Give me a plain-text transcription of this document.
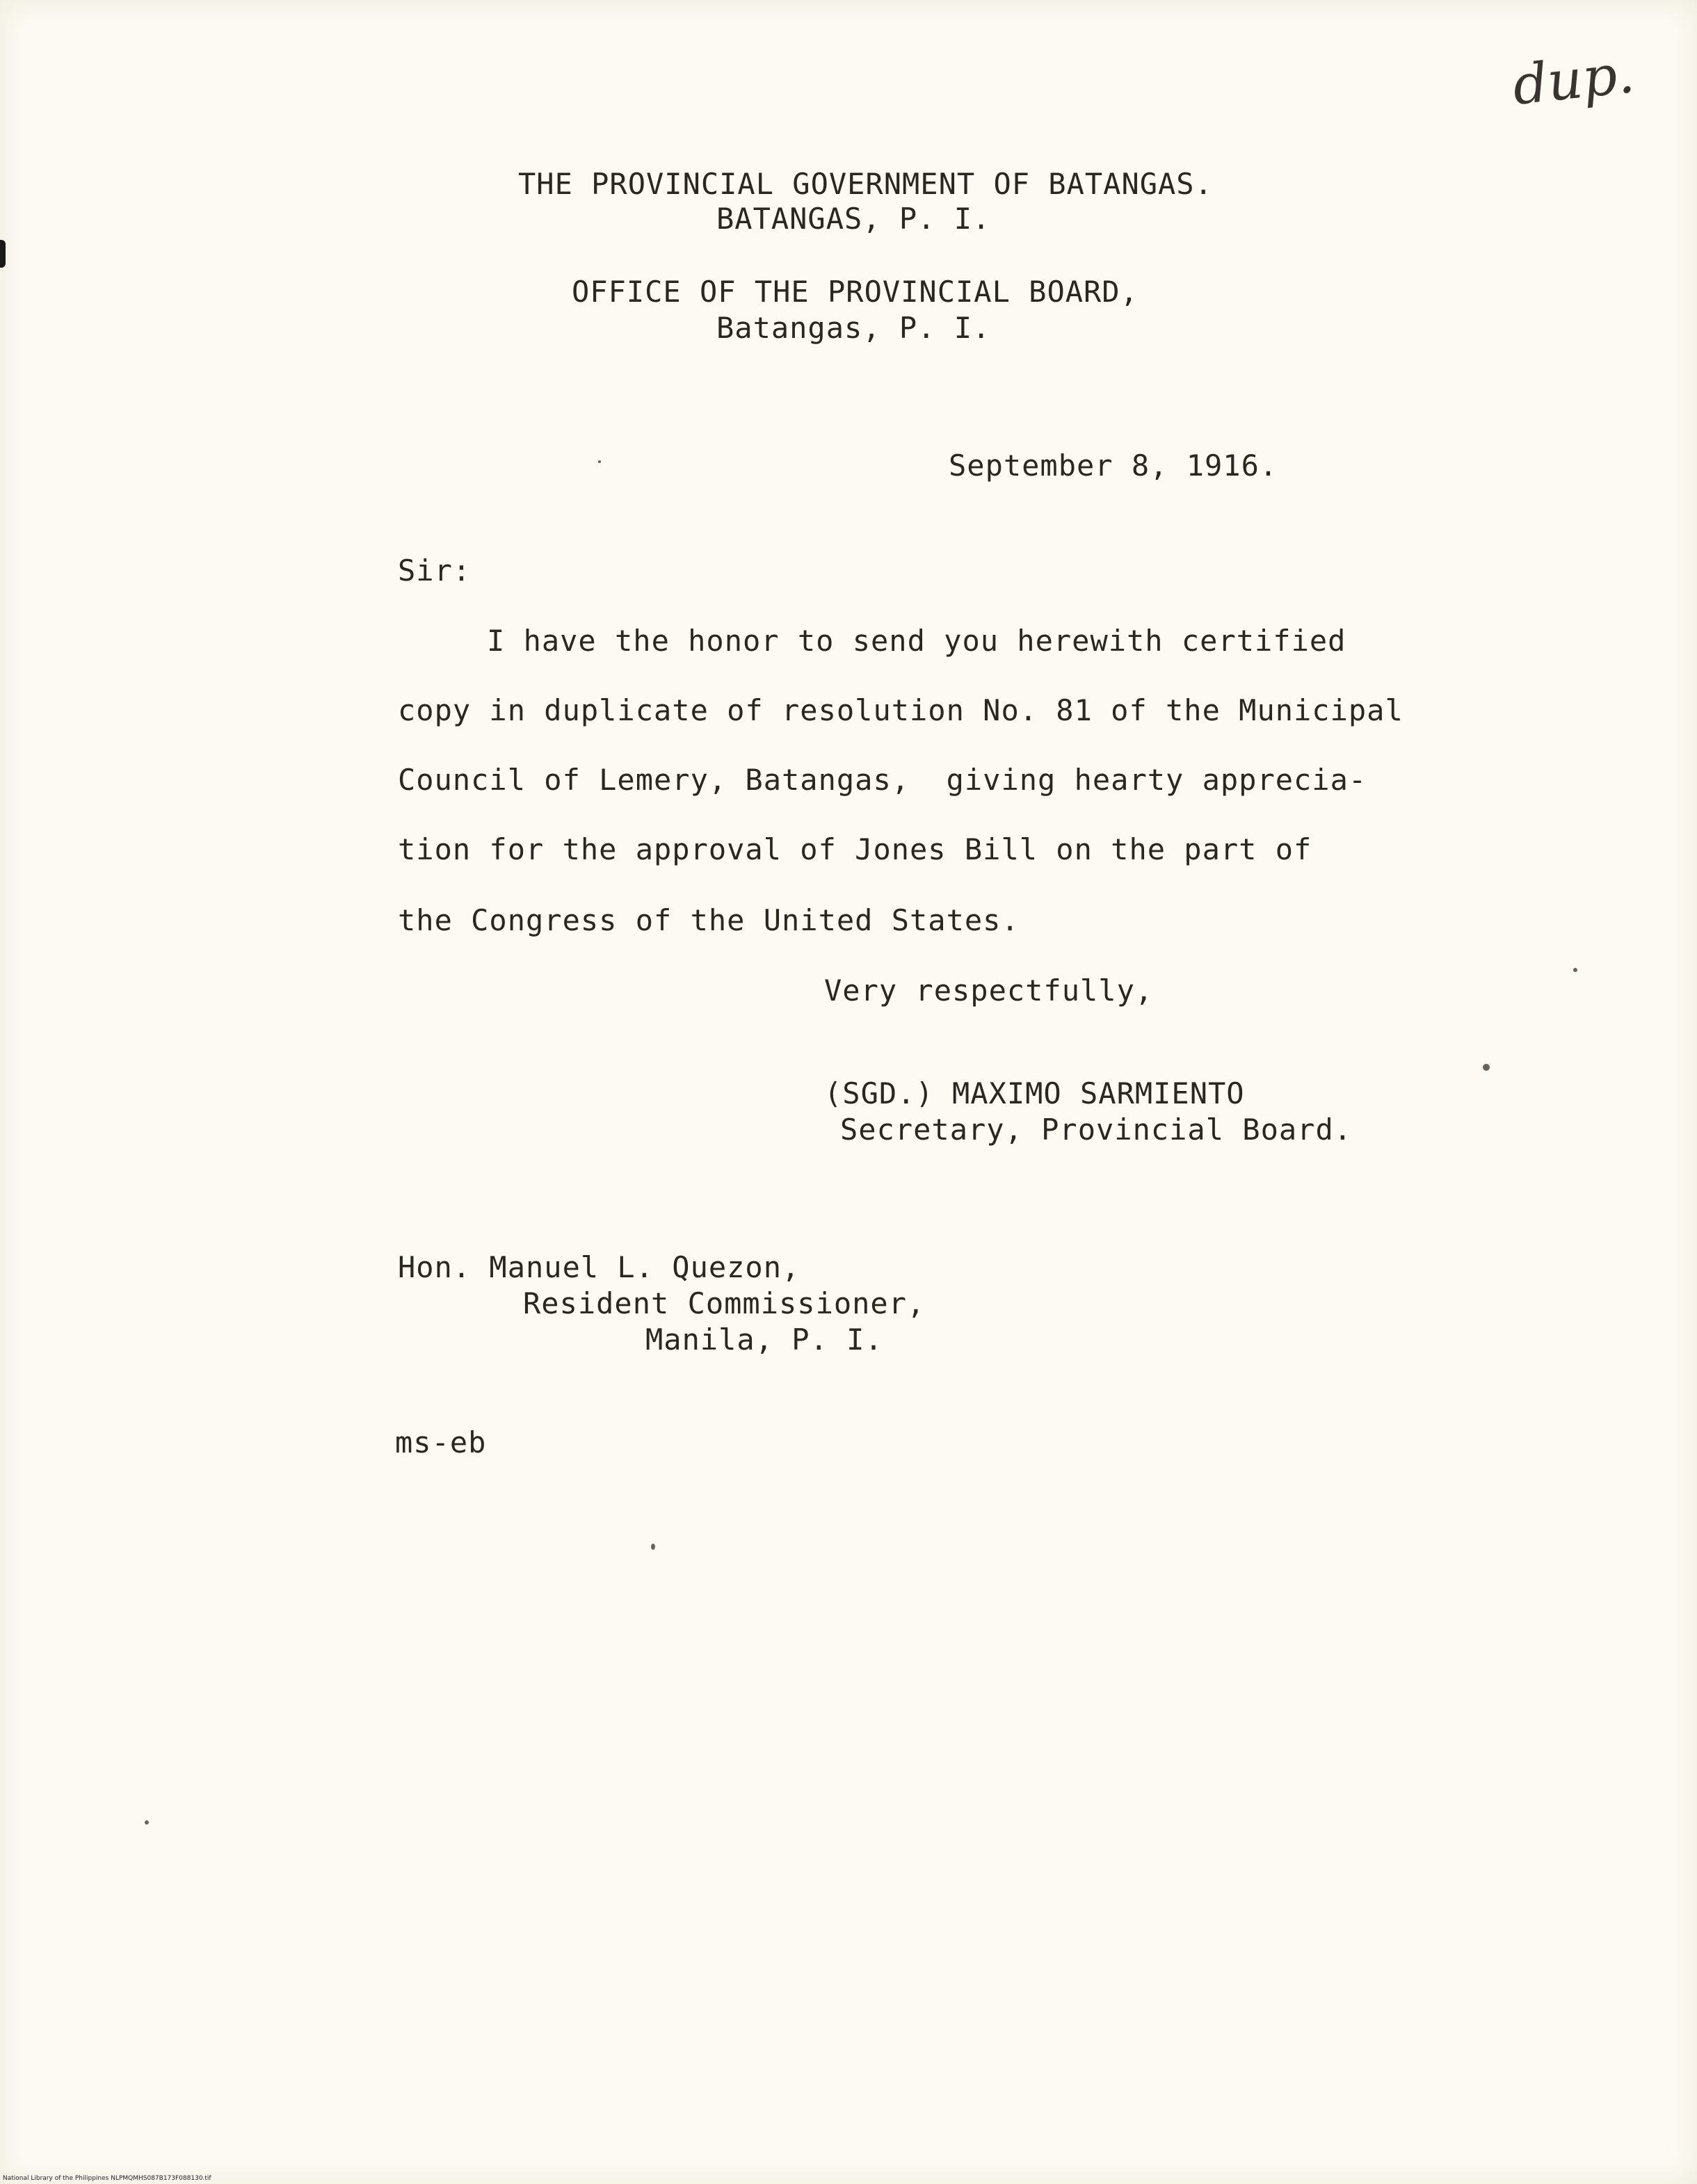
dup.
THE PROVINCIAL GOVERNMENT OF BATANGAS.
BATANGAS, P. I.
OFFICE OF THE PROVINCIAL BOARD,
Batangas, P. I.
September 8, 1916.
Sir:
I have the honor to send you herewith certified
copy in duplicate of resolution No. 81 of the Municipal
Council of Lemery, Batangas,  giving hearty apprecia-
tion for the approval of Jones Bill on the part of
the Congress of the United States.
Very respectfully,
(SGD.) MAXIMO SARMIENTO
Secretary, Provincial Board.
Hon. Manuel L. Quezon,
Resident Commissioner,
Manila, P. I.
ms-eb
National Library of the Philippines NLPMQMHS087B173F088130.tif
